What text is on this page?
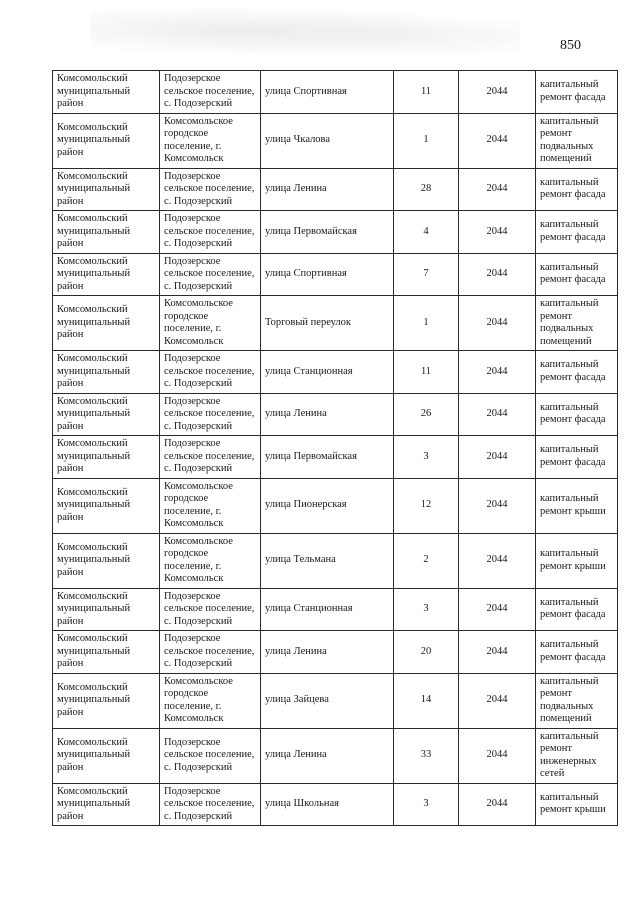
850
Комсомольский
муниципальный
район	Подозерское
сельское поселение,
с. Подозерский	улица Спортивная	11	2044	капитальный
ремонт фасада

Комсомольский
муниципальный
район	Комсомольское
городское
поселение, г.
Комсомольск	улица Чкалова	1	2044	капитальный
ремонт
подвальных
помещений

Комсомольский
муниципальный
район	Подозерское
сельское поселение,
с. Подозерский	улица Ленина	28	2044	капитальный
ремонт фасада

Комсомольский
муниципальный
район	Подозерское
сельское поселение,
с. Подозерский	улица Первомайская	4	2044	капитальный
ремонт фасада

Комсомольский
муниципальный
район	Подозерское
сельское поселение,
с. Подозерский	улица Спортивная	7	2044	капитальный
ремонт фасада

Комсомольский
муниципальный
район	Комсомольское
городское
поселение, г.
Комсомольск	Торговый переулок	1	2044	капитальный
ремонт
подвальных
помещений

Комсомольский
муниципальный
район	Подозерское
сельское поселение,
с. Подозерский	улица Станционная	11	2044	капитальный
ремонт фасада

Комсомольский
муниципальный
район	Подозерское
сельское поселение,
с. Подозерский	улица Ленина	26	2044	капитальный
ремонт фасада

Комсомольский
муниципальный
район	Подозерское
сельское поселение,
с. Подозерский	улица Первомайская	3	2044	капитальный
ремонт фасада

Комсомольский
муниципальный
район	Комсомольское
городское
поселение, г.
Комсомольск	улица Пионерская	12	2044	капитальный
ремонт крыши

Комсомольский
муниципальный
район	Комсомольское
городское
поселение, г.
Комсомольск	улица Тельмана	2	2044	капитальный
ремонт крыши

Комсомольский
муниципальный
район	Подозерское
сельское поселение,
с. Подозерский	улица Станционная	3	2044	капитальный
ремонт фасада

Комсомольский
муниципальный
район	Подозерское
сельское поселение,
с. Подозерский	улица Ленина	20	2044	капитальный
ремонт фасада

Комсомольский
муниципальный
район	Комсомольское
городское
поселение, г.
Комсомольск	улица Зайцева	14	2044	капитальный
ремонт
подвальных
помещений

Комсомольский
муниципальный
район	Подозерское
сельское поселение,
с. Подозерский	улица Ленина	33	2044	капитальный
ремонт
инженерных
сетей

Комсомольский
муниципальный
район	Подозерское
сельское поселение,
с. Подозерский	улица Школьная	3	2044	капитальный
ремонт крыши
